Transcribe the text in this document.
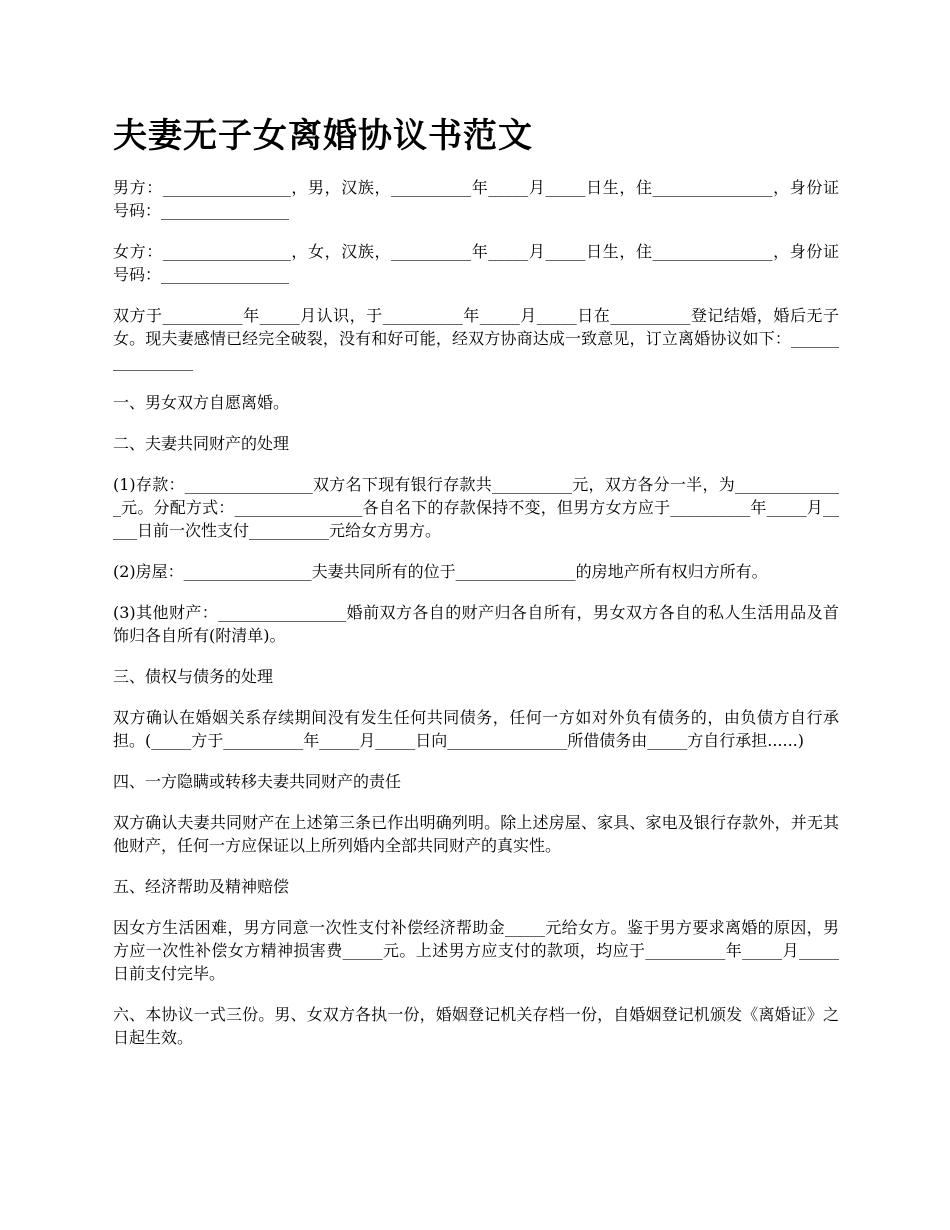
夫妻无子女离婚协议书范文

男方：________________，男，汉族，__________年_____月_____日生，住_______________，身份证号码：________________

女方：________________，女，汉族，__________年_____月_____日生，住_______________，身份证号码：________________

双方于__________年_____月认识，于__________年_____月_____日在__________登记结婚，婚后无子女。现夫妻感情已经完全破裂，没有和好可能，经双方协商达成一致意见，订立离婚协议如下：________________

一、男女双方自愿离婚。

二、夫妻共同财产的处理

(1)存款：________________双方名下现有银行存款共__________元，双方各分一半，为______________元。分配方式：________________各自名下的存款保持不变，但男方女方应于__________年_____月_____日前一次性支付__________元给女方男方。

(2)房屋：________________夫妻共同所有的位于_______________的房地产所有权归方所有。

(3)其他财产：________________婚前双方各自的财产归各自所有，男女双方各自的私人生活用品及首饰归各自所有(附清单)。

三、债权与债务的处理

双方确认在婚姻关系存续期间没有发生任何共同债务，任何一方如对外负有债务的，由负债方自行承担。(_____方于__________年_____月_____日向_______________所借债务由_____方自行承担......)

四、一方隐瞒或转移夫妻共同财产的责任

双方确认夫妻共同财产在上述第三条已作出明确列明。除上述房屋、家具、家电及银行存款外，并无其他财产，任何一方应保证以上所列婚内全部共同财产的真实性。

五、经济帮助及精神赔偿

因女方生活困难，男方同意一次性支付补偿经济帮助金_____元给女方。鉴于男方要求离婚的原因，男方应一次性补偿女方精神损害费_____元。上述男方应支付的款项，均应于__________年_____月_____日前支付完毕。

六、本协议一式三份。男、女双方各执一份，婚姻登记机关存档一份，自婚姻登记机颁发《离婚证》之日起生效。
